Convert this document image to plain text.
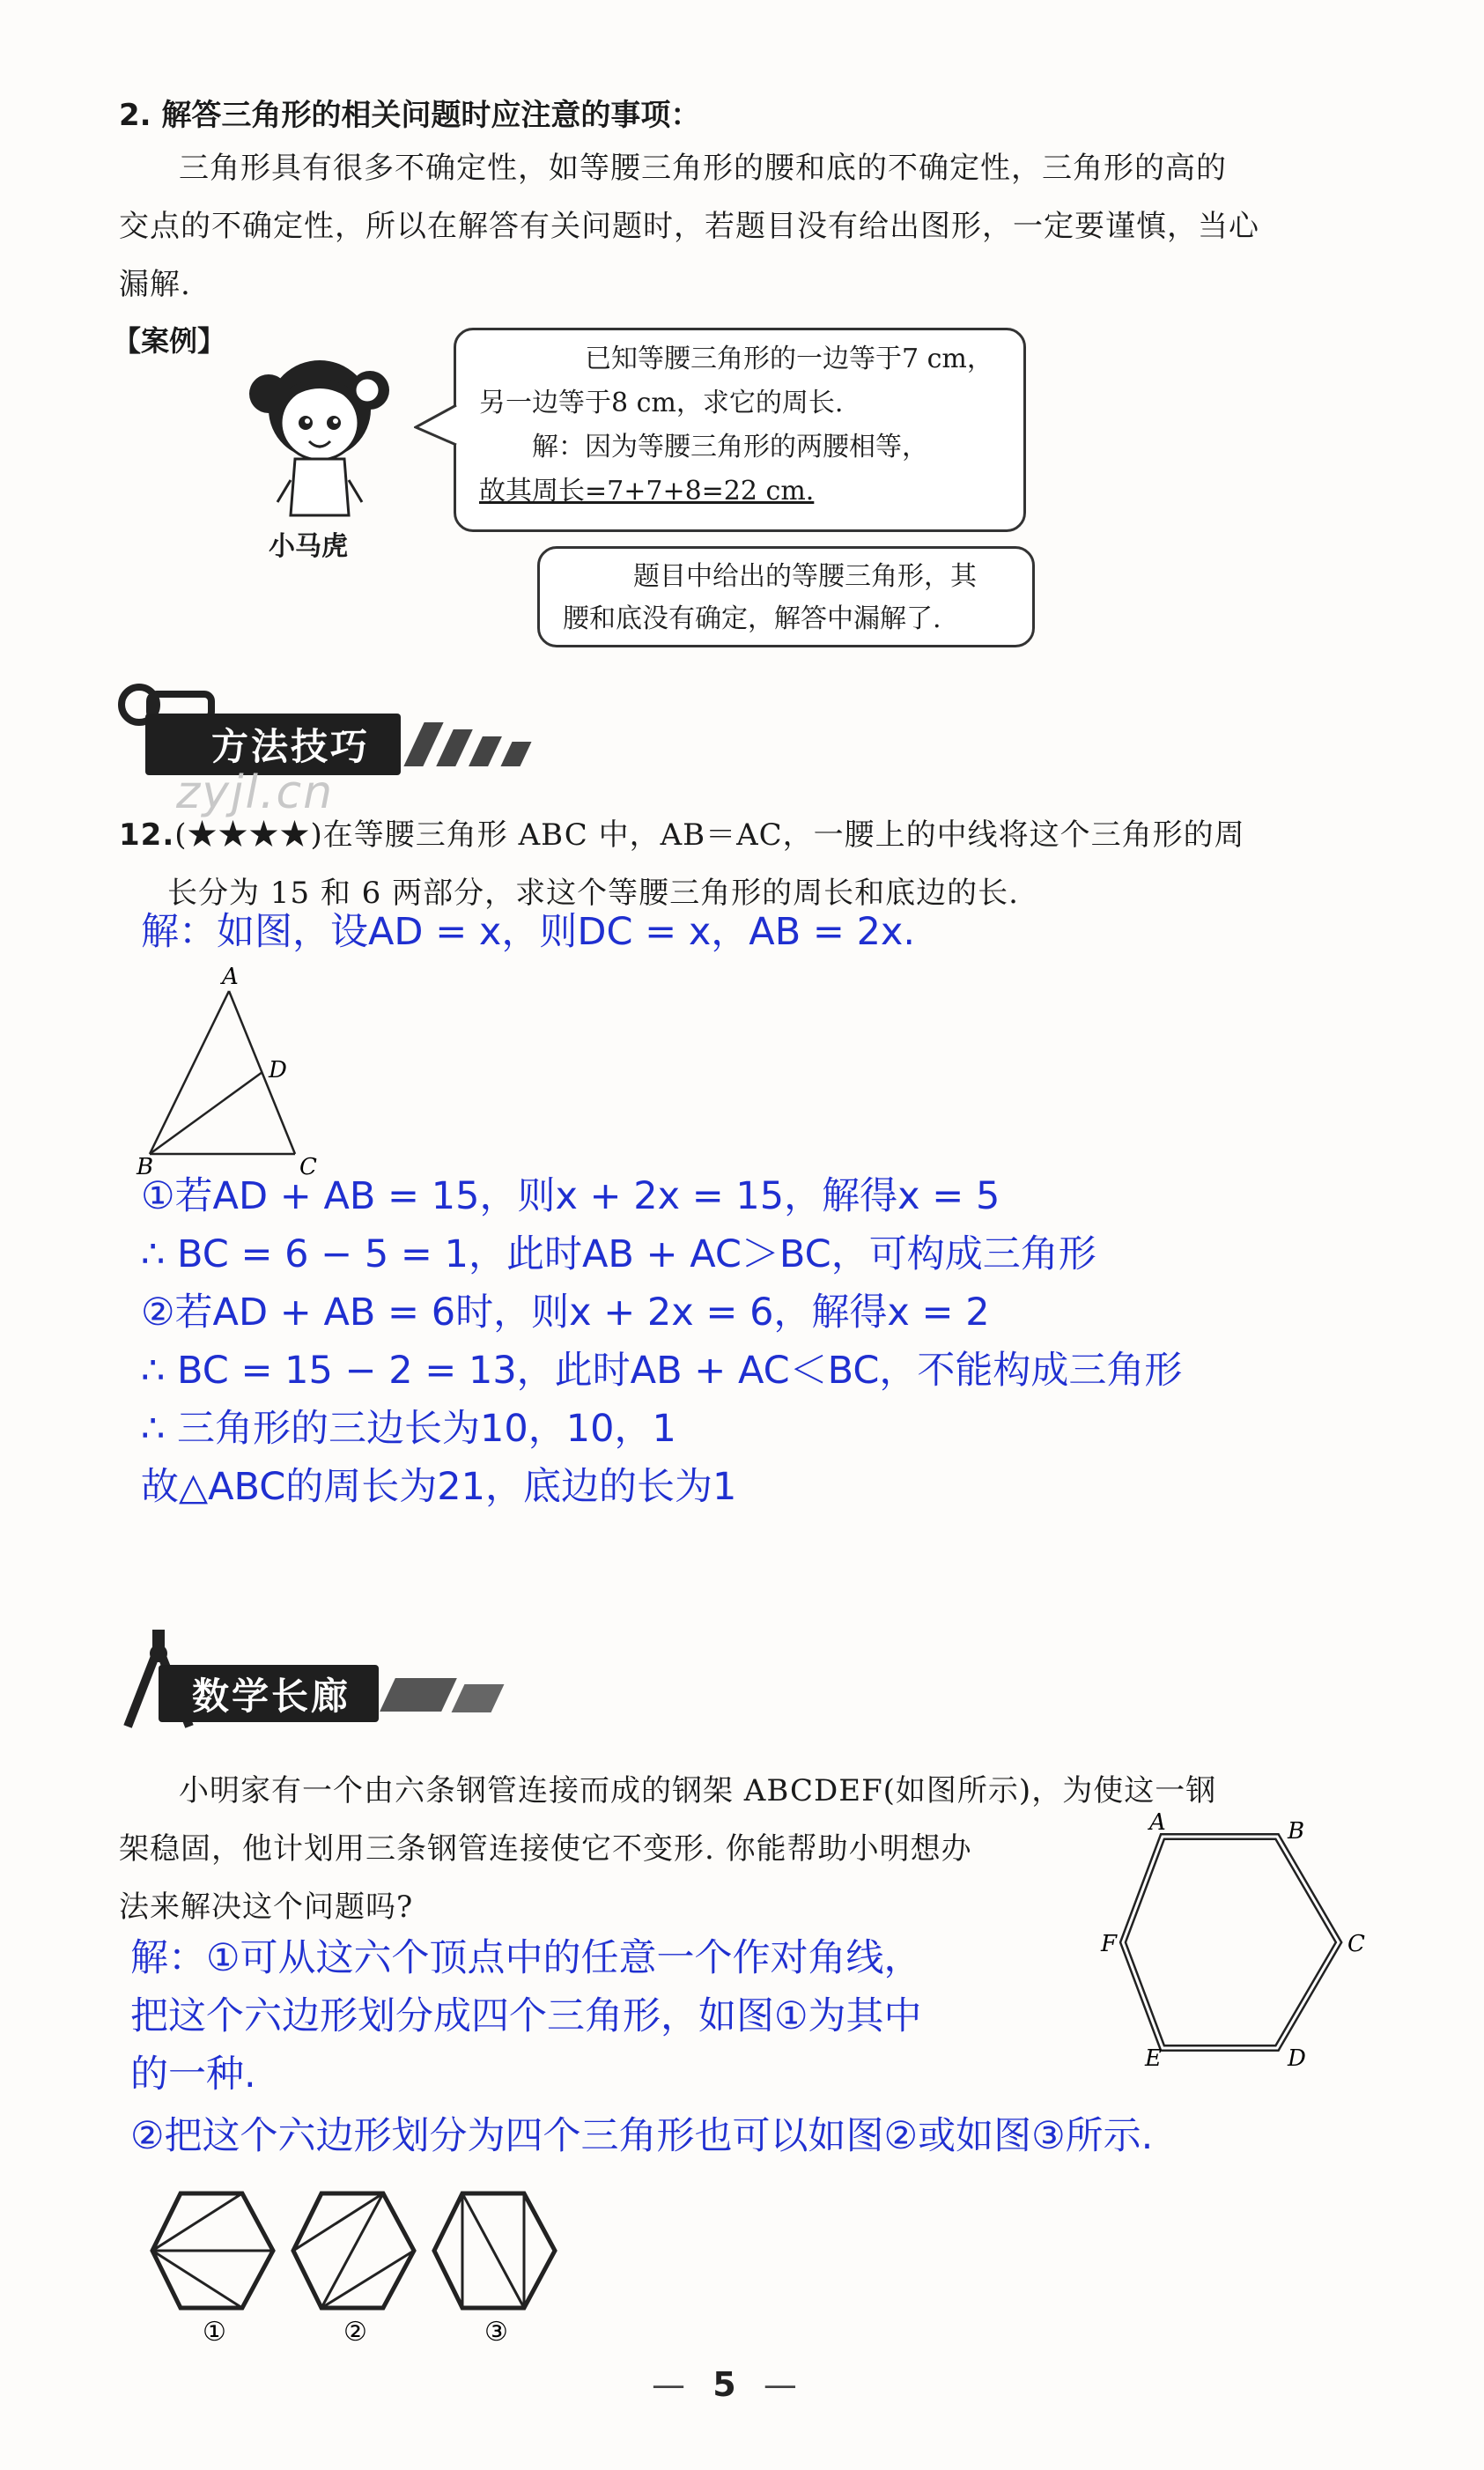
2. 解答三角形的相关问题时应注意的事项：
三角形具有很多不确定性，如等腰三角形的腰和底的不确定性，三角形的高的
交点的不确定性，所以在解答有关问题时，若题目没有给出图形，一定要谨慎，当心
漏解.
【案例】
小马虎
已知等腰三角形的一边等于7 cm，
另一边等于8 cm，求它的周长.
解：因为等腰三角形的两腰相等，
故其周长=7+7+8=22 cm.
题目中给出的等腰三角形，其
腰和底没有确定，解答中漏解了.
方法技巧
zyjl.cn
12.(★★★★)在等腰三角形 ABC 中，AB＝AC，一腰上的中线将这个三角形的周
长分为 15 和 6 两部分，求这个等腰三角形的周长和底边的长.
解：如图，设AD = x，则DC = x，AB = 2x.
A
D
B	C
①若AD + AB = 15，则x + 2x = 15，解得x = 5
∴ BC = 6 − 5 = 1，此时AB + AC＞BC，可构成三角形
②若AD + AB = 6时，则x + 2x = 6，解得x = 2
∴ BC = 15 − 2 = 13，此时AB + AC＜BC，不能构成三角形
∴ 三角形的三边长为10，10，1
故△ABC的周长为21，底边的长为1
数学长廊
小明家有一个由六条钢管连接而成的钢架 ABCDEF(如图所示)，为使这一钢
架稳固，他计划用三条钢管连接使它不变形. 你能帮助小明想办
法来解决这个问题吗?
A	B
C
D
E
F
解：①可从这六个顶点中的任意一个作对角线，
把这个六边形划分成四个三角形，如图①为其中
的一种.
②把这个六边形划分为四个三角形也可以如图②或如图③所示.
①	②	③
— 5 —
